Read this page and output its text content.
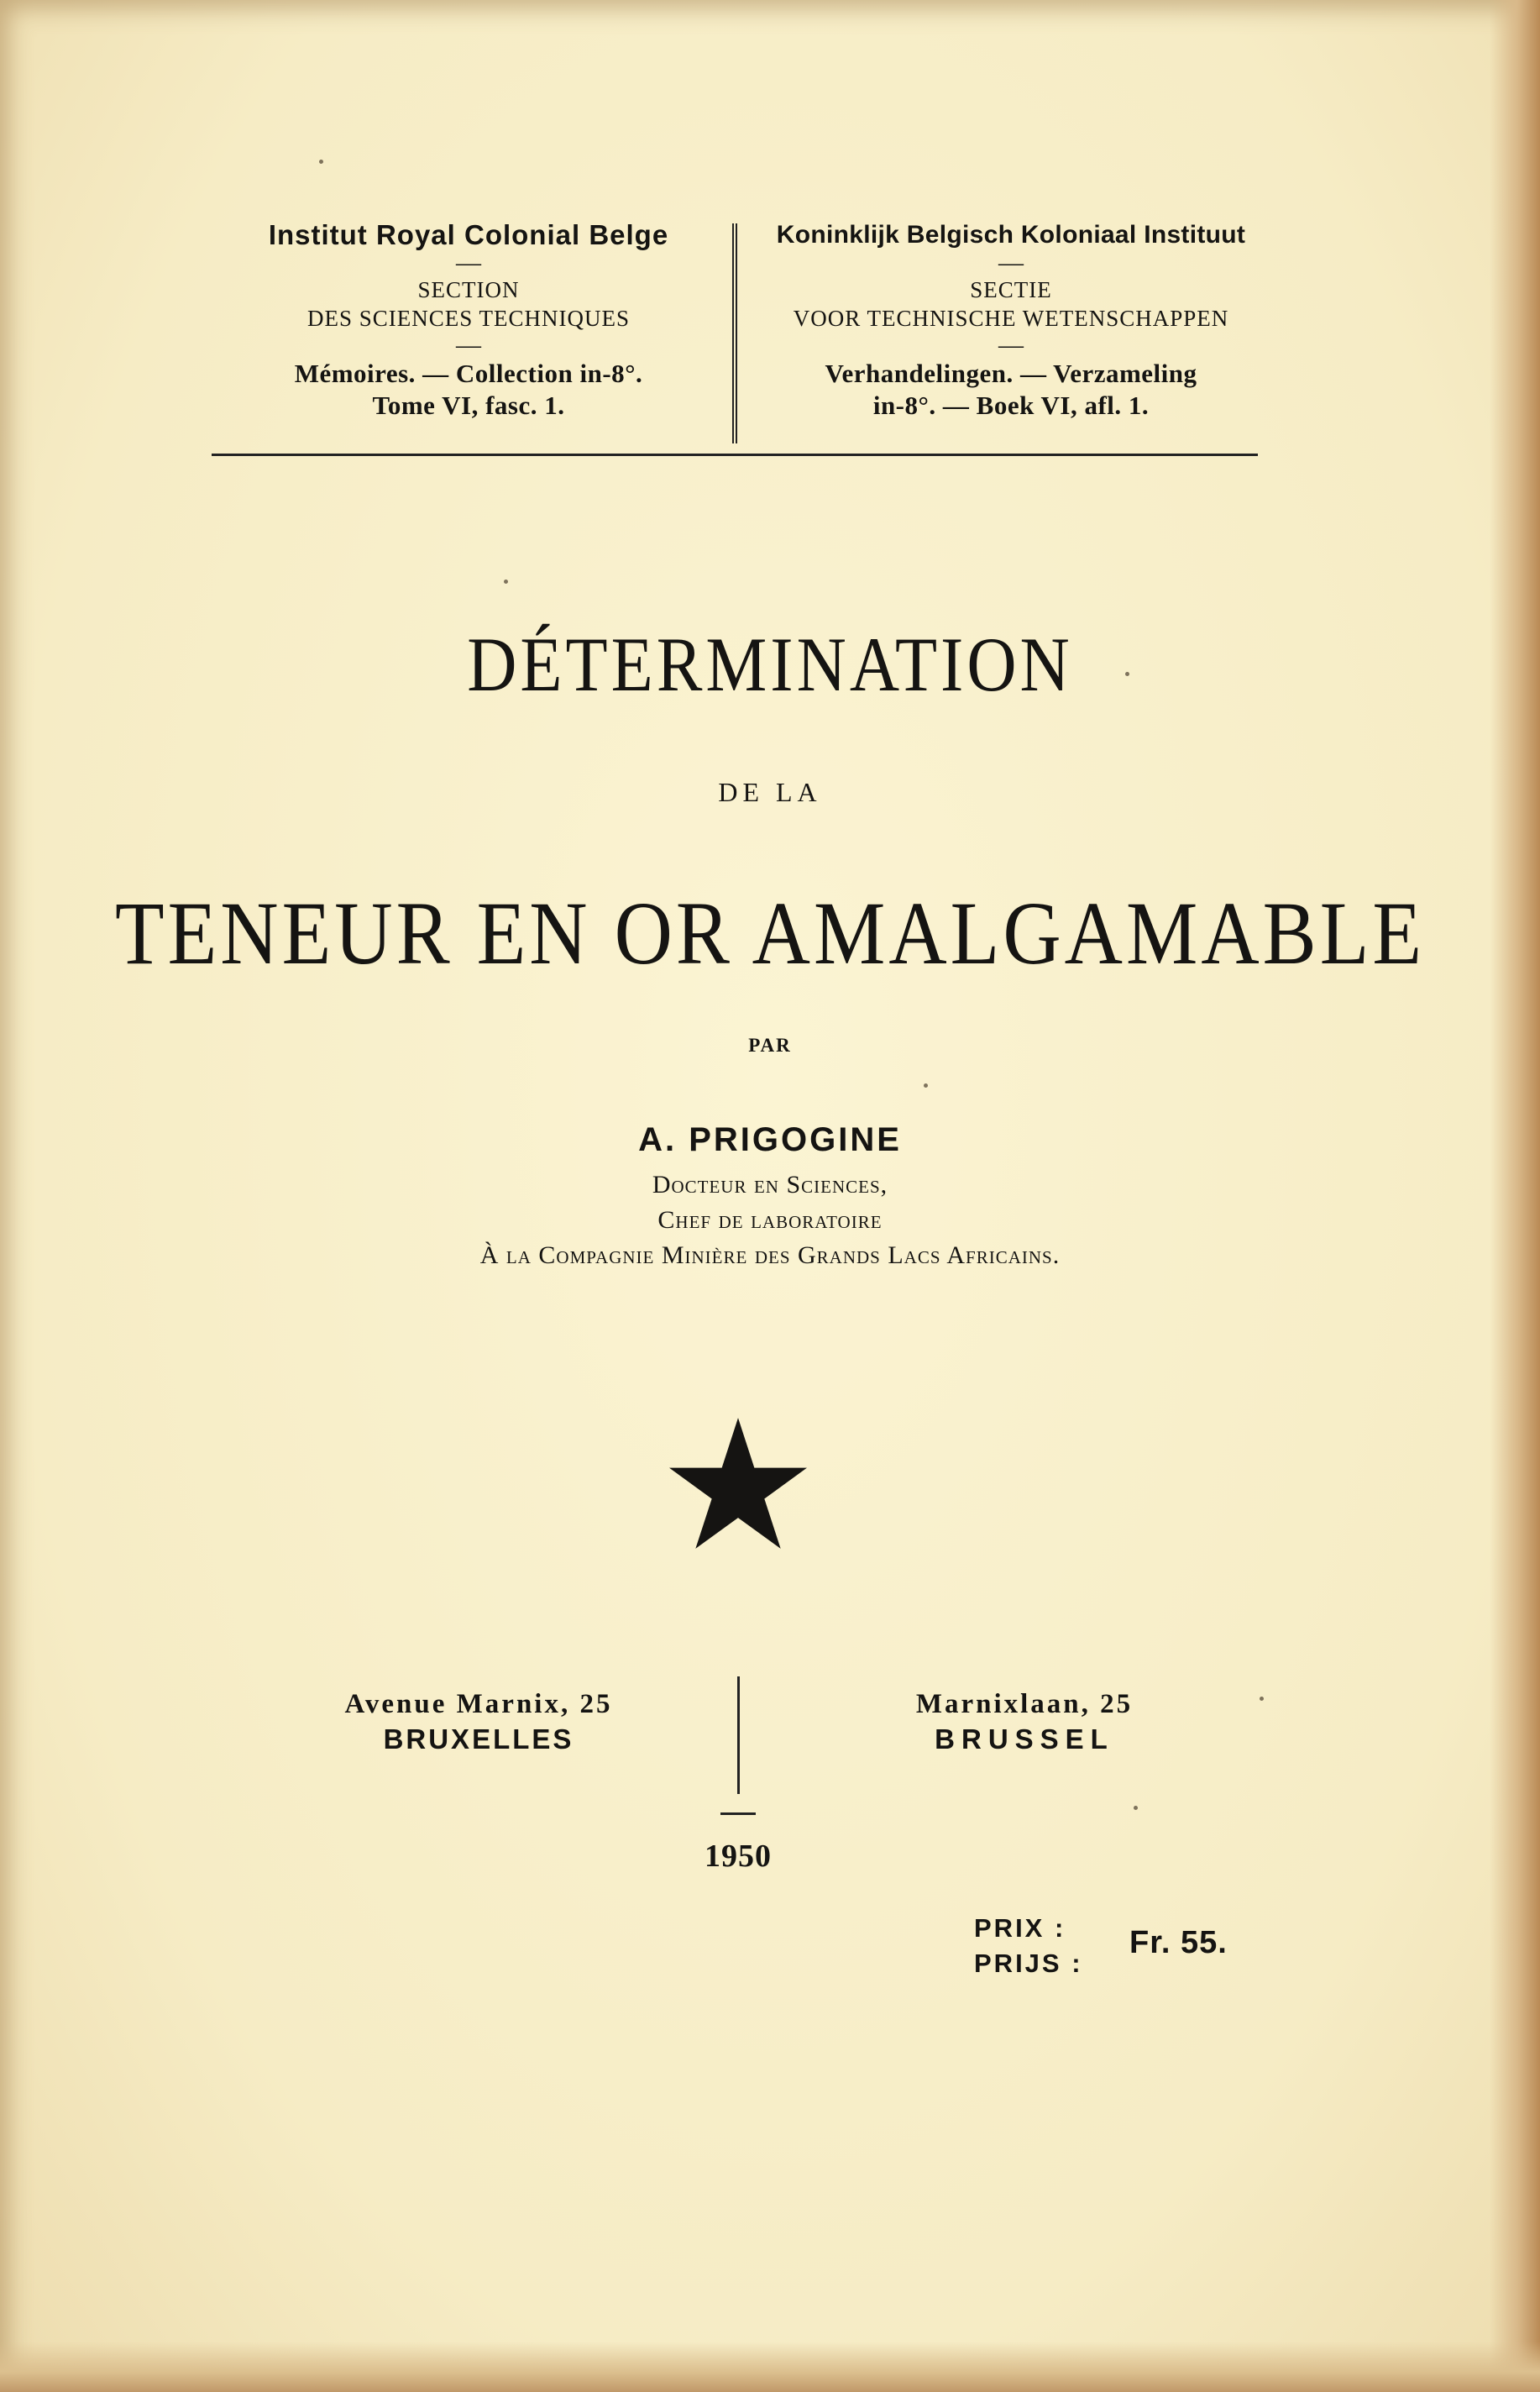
Institut Royal Colonial Belge
—
SECTION
DES SCIENCES TECHNIQUES
—
Mémoires. — Collection in-8°.
Tome VI, fasc. 1.
Koninklijk Belgisch Koloniaal Instituut
—
SECTIE
VOOR TECHNISCHE WETENSCHAPPEN
—
Verhandelingen. — Verzameling
in-8°. — Boek VI, afl. 1.
DÉTERMINATION
DE LA
TENEUR EN OR AMALGAMABLE
PAR
A. PRIGOGINE
Docteur en Sciences,
Chef de laboratoire
À la Compagnie Minière des Grands Lacs Africains.
Avenue Marnix, 25
BRUXELLES
Marnixlaan, 25
BRUSSEL
1950
PRIX :
PRIJS :
Fr. 55.
